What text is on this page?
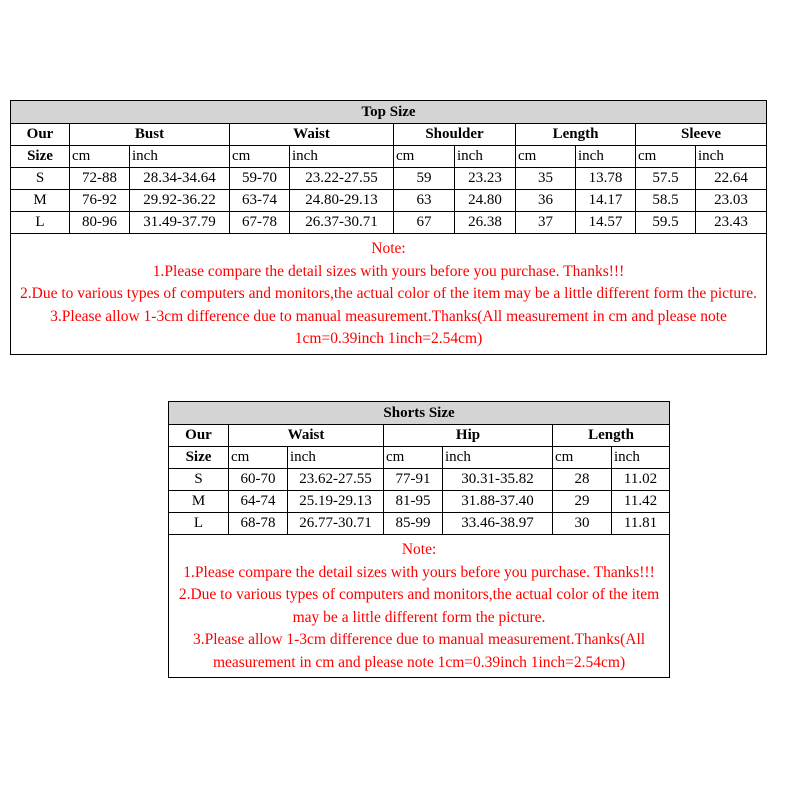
Top Size										
Our	Bust		Waist		Shoulder		Length		Sleeve	
Size	cm	inch	cm	inch	cm	inch	cm	inch	cm	inch
S	72-88	28.34-34.64	59-70	23.22-27.55	59	23.23	35	13.78	57.5	22.64
M	76-92	29.92-36.22	63-74	24.80-29.13	63	24.80	36	14.17	58.5	23.03
L	80-96	31.49-37.79	67-78	26.37-30.71	67	26.38	37	14.57	59.5	23.43

Note:
1.Please compare the detail sizes with yours before you purchase. Thanks!!!
2.Due to various types of computers and monitors,the actual color of the item may be a little different form the picture.
3.Please allow 1-3cm difference due to manual measurement.Thanks(All measurement in cm and please note 1cm=0.39inch 1inch=2.54cm)										
Shorts Size						
Our	Waist		Hip		Length	
Size	cm	inch	cm	inch	cm	inch
S	60-70	23.62-27.55	77-91	30.31-35.82	28	11.02
M	64-74	25.19-29.13	81-95	31.88-37.40	29	11.42
L	68-78	26.77-30.71	85-99	33.46-38.97	30	11.81

Note:
1.Please compare the detail sizes with yours before you purchase. Thanks!!!
2.Due to various types of computers and monitors,the actual color of the item may be a little different form the picture.
3.Please allow 1-3cm difference due to manual measurement.Thanks(All measurement in cm and please note 1cm=0.39inch 1inch=2.54cm)						
